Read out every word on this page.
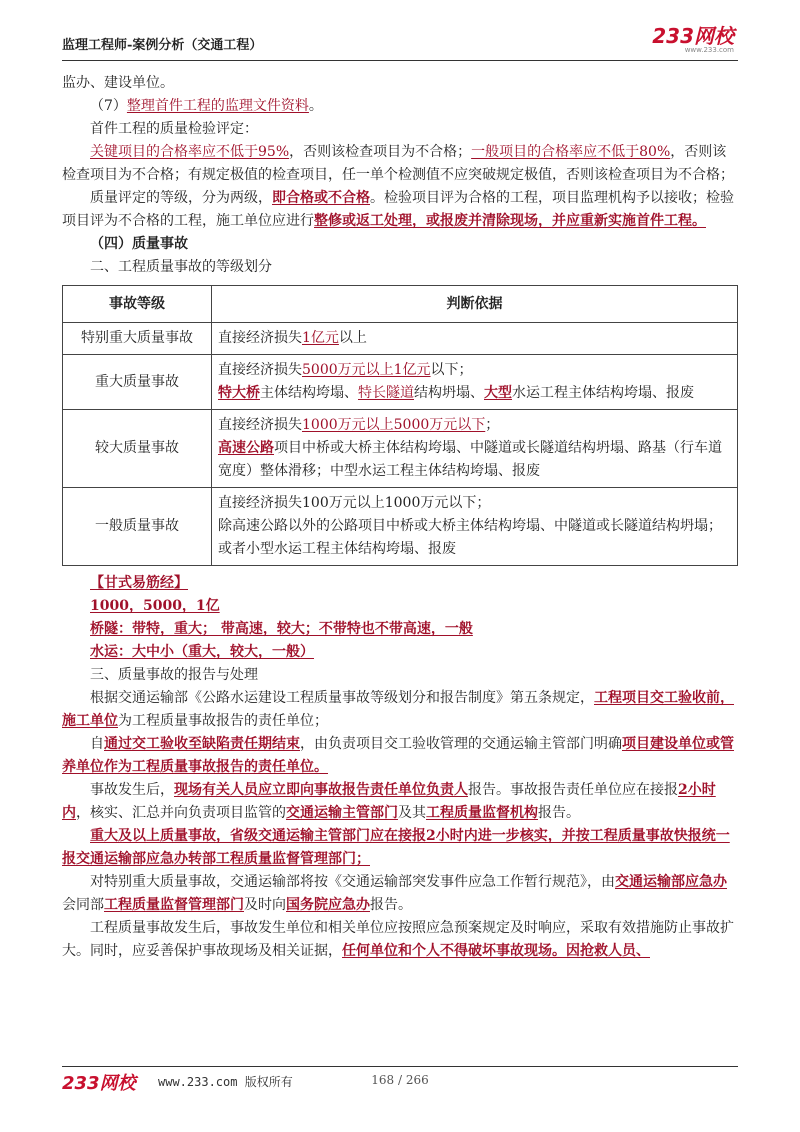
监理工程师-案例分析（交通工程）	233网校
www.233.com

监办、建设单位。

（7）整理首件工程的监理文件资料。

首件工程的质量检验评定：

关键项目的合格率应不低于95%，否则该检查项目为不合格；一般项目的合格率应不低于80%，否则该检查项目为不合格；有规定极值的检查项目，任一单个检测值不应突破规定极值，否则该检查项目为不合格；

质量评定的等级，分为两级，即合格或不合格。检验项目评为合格的工程，项目监理机构予以接收；检验项目评为不合格的工程，施工单位应进行整修或返工处理，或报废并清除现场，并应重新实施首件工程。

（四）质量事故

二、工程质量事故的等级划分

事故等级	判断依据
特别重大质量事故	直接经济损失1亿元以上
重大质量事故	直接经济损失5000万元以上1亿元以下；
特大桥主体结构垮塌、特长隧道结构坍塌、大型水运工程主体结构垮塌、报废

较大质量事故	直接经济损失1000万元以上5000万元以下；
高速公路项目中桥或大桥主体结构垮塌、中隧道或长隧道结构坍塌、路基（行车道宽度）整体滑移；中型水运工程主体结构垮塌、报废

一般质量事故	直接经济损失100万元以上1000万元以下；
除高速公路以外的公路项目中桥或大桥主体结构垮塌、中隧道或长隧道结构坍塌；或者小型水运工程主体结构垮塌、报废

【甘式易筋经】

1000，5000，1亿

桥隧：带特，重大； 带高速，较大；不带特也不带高速，一般

水运：大中小（重大，较大，一般）

三、质量事故的报告与处理

根据交通运输部《公路水运建设工程质量事故等级划分和报告制度》第五条规定，工程项目交工验收前，施工单位为工程质量事故报告的责任单位；

自通过交工验收至缺陷责任期结束，由负责项目交工验收管理的交通运输主管部门明确项目建设单位或管养单位作为工程质量事故报告的责任单位。

事故发生后，现场有关人员应立即向事故报告责任单位负责人报告。事故报告责任单位应在接报2小时内，核实、汇总并向负责项目监管的交通运输主管部门及其工程质量监督机构报告。

重大及以上质量事故，省级交通运输主管部门应在接报2小时内进一步核实，并按工程质量事故快报统一报交通运输部应急办转部工程质量监督管理部门；

对特别重大质量事故，交通运输部将按《交通运输部突发事件应急工作暂行规范》，由交通运输部应急办会同部工程质量监督管理部门及时向国务院应急办报告。

工程质量事故发生后，事故发生单位和相关单位应按照应急预案规定及时响应，采取有效措施防止事故扩大。同时，应妥善保护事故现场及相关证据，任何单位和个人不得破坏事故现场。因抢救人员、

233网校 www.233.com 版权所有	168 / 266
